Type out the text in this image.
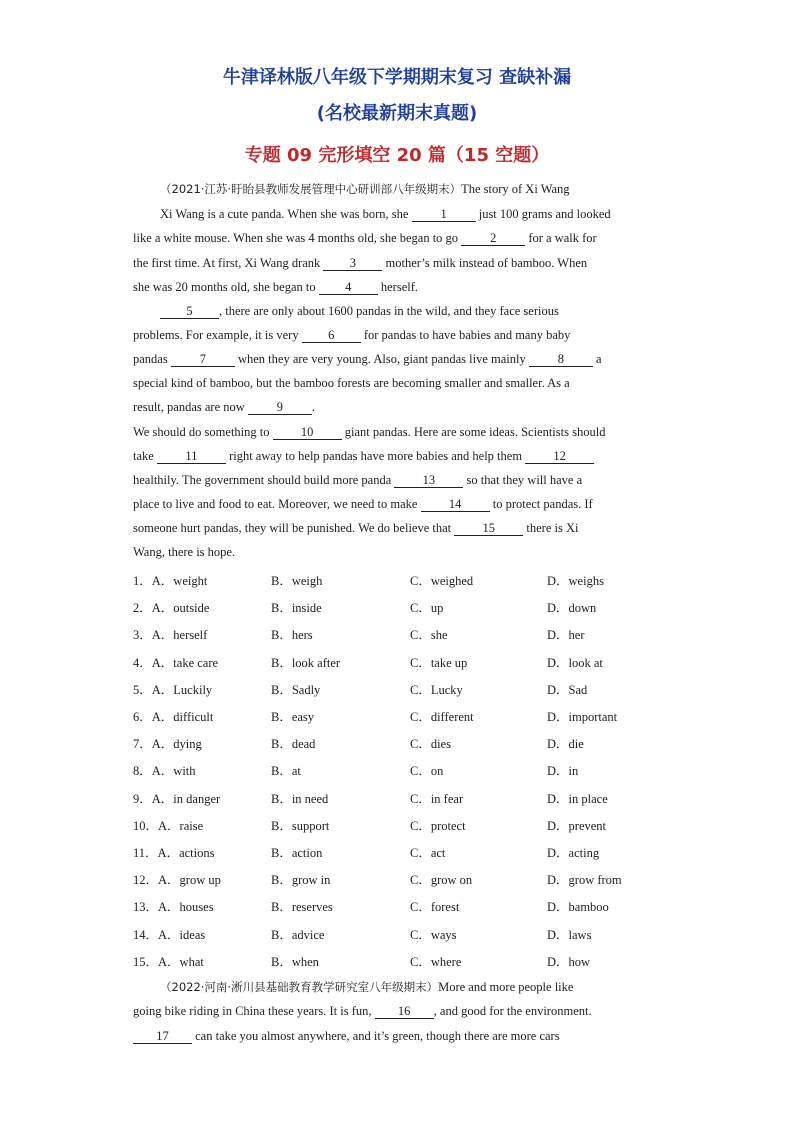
牛津译林版八年级下学期期末复习 查缺补漏
(名校最新期末真题)
专题 09 完形填空 20 篇（15 空题）
（2021·江苏·盱眙县教师发展管理中心研训部八年级期末）The story of Xi Wang
Xi Wang is a cute panda. When she was born, she 1 just 100 grams and looked
like a white mouse. When she was 4 months old, she began to go 2 for a walk for
the first time. At first, Xi Wang drank 3 mother’s milk instead of bamboo. When
she was 20 months old, she began to 4 herself.
5 , there are only about 1600 pandas in the wild, and they face serious
problems. For example, it is very 6 for pandas to have babies and many baby
pandas 7 when they are very young. Also, giant pandas live mainly 8 a
special kind of bamboo, but the bamboo forests are becoming smaller and smaller. As a
result, pandas are now 9 .
We should do something to 10 giant pandas. Here are some ideas. Scientists should
take 11 right away to help pandas have more babies and help them 12
healthily. The government should build more panda 13 so that they will have a
place to live and food to eat. Moreover, we need to make 14 to protect pandas. If
someone hurt pandas, they will be punished. We do believe that 15 there is Xi
Wang, there is hope.
1．A．weight	B．weigh	C．weighed	D．weighs
2．A．outside	B．inside	C．up	D．down
3．A．herself	B．hers	C．she	D．her
4．A．take care	B．look after	C．take up	D．look at
5．A．Luckily	B．Sadly	C．Lucky	D．Sad
6．A．difficult	B．easy	C．different	D．important
7．A．dying	B．dead	C．dies	D．die
8．A．with	B．at	C．on	D．in
9．A．in danger	B．in need	C．in fear	D．in place
10．A．raise	B．support	C．protect	D．prevent
11．A．actions	B．action	C．act	D．acting
12．A．grow up	B．grow in	C．grow on	D．grow from
13．A．houses	B．reserves	C．forest	D．bamboo
14．A．ideas	B．advice	C．ways	D．laws
15．A．what	B．when	C．where	D．how
（2022·河南·淅川县基础教育教学研究室八年级期末）More and more people like
going bike riding in China these years. It is fun, 16 , and good for the environment.
17 can take you almost anywhere, and it’s green, though there are more cars
